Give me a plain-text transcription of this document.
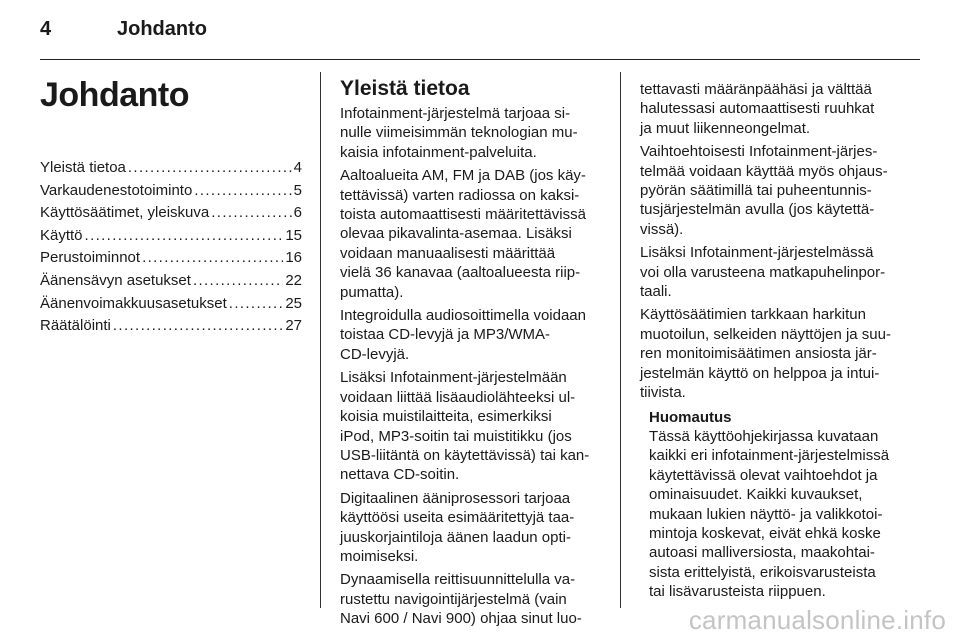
4	Johdanto
Johdanto
Yleistä tietoa . . .	4
Varkaudenestotoiminto . . .	5
Käyttösäätimet, yleiskuva . . .	6
Käyttö . . .	15
Perustoiminnot . . .	16
Äänensävyn asetukset . . .	22
Äänenvoimakkuusasetukset . . .	25
Räätälöinti . . .	27
Yleistä tietoa

Infotainment-järjestelmä tarjoaa si-
nulle viimeisimmän teknologian mu-
kaisia infotainment-palveluita.

Aaltoalueita AM, FM ja DAB (jos käy-
tettävissä) varten radiossa on kaksi-
toista automaattisesti määritettävissä
olevaa pikavalinta-asemaa. Lisäksi
voidaan manuaalisesti määrittää
vielä 36 kanavaa (aaltoalueesta riip-
pumatta).

Integroidulla audiosoittimella voidaan
toistaa CD-levyjä ja MP3/WMA-
CD-levyjä.

Lisäksi Infotainment-järjestelmään
voidaan liittää lisäaudiolähteeksi ul-
koisia muistilaitteita, esimerkiksi
iPod, MP3-soitin tai muistitikku (jos
USB-liitäntä on käytettävissä) tai kan-
nettava CD-soitin.

Digitaalinen ääniprosessori tarjoaa
käyttöösi useita esimääritettyjä taa-
juuskorjaintiloja äänen laadun opti-
moimiseksi.

Dynaamisella reittisuunnittelulla va-
rustettu navigointijärjestelmä (vain
Navi 600 / Navi 900) ohjaa sinut luo-

tettavasti määränpäähäsi ja välttää
halutessasi automaattisesti ruuhkat
ja muut liikenneongelmat.

Vaihtoehtoisesti Infotainment-järjes-
telmää voidaan käyttää myös ohjaus-
pyörän säätimillä tai puheentunnis-
tusjärjestelmän avulla (jos käytettä-
vissä).

Lisäksi Infotainment-järjestelmässä
voi olla varusteena matkapuhelinpor-
taali.

Käyttösäätimien tarkkaan harkitun
muotoilun, selkeiden näyttöjen ja suu-
ren monitoimisäätimen ansiosta jär-
jestelmän käyttö on helppoa ja intui-
tiivista.

Huomautus

Tässä käyttöohjekirjassa kuvataan
kaikki eri infotainment-järjestelmissä
käytettävissä olevat vaihtoehdot ja
ominaisuudet. Kaikki kuvaukset,
mukaan lukien näyttö- ja valikkotoi-
mintoja koskevat, eivät ehkä koske
autoasi malliversiosta, maakohtai-
sista erittelyistä, erikoisvarusteista
tai lisävarusteista riippuen.

carmanualsonline.info
